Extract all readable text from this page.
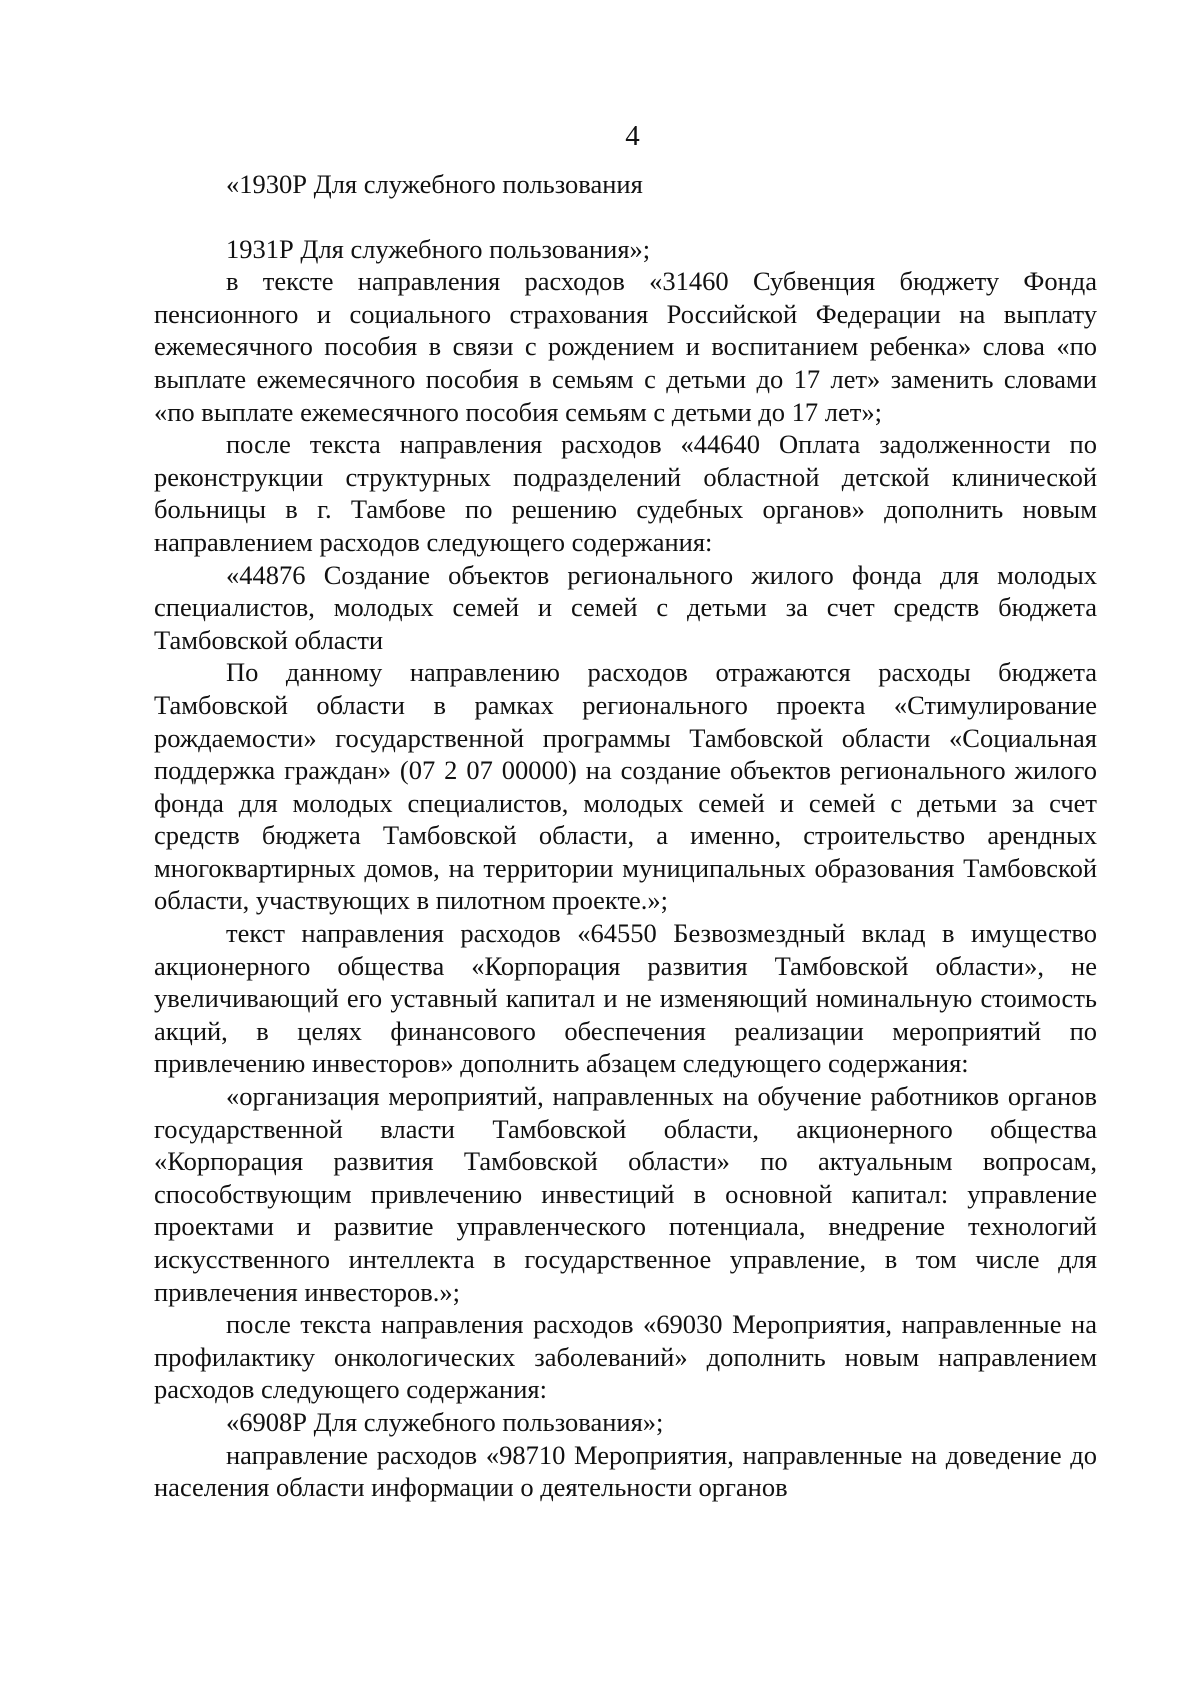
4

«1930Р Для служебного пользования

1931Р Для служебного пользования»;

в тексте направления расходов «31460 Субвенция бюджету Фонда пенсионного и социального страхования Российской Федерации на выплату ежемесячного пособия в связи с рождением и воспитанием ребенка» слова «по выплате ежемесячного пособия в семьям с детьми до 17 лет» заменить словами «по выплате ежемесячного пособия семьям с детьми до 17 лет»;

после текста направления расходов «44640 Оплата задолженности по реконструкции структурных подразделений областной детской клинической больницы в г. Тамбове по решению судебных органов» дополнить новым направлением расходов следующего содержания:

«44876 Создание объектов регионального жилого фонда для молодых специалистов, молодых семей и семей с детьми за счет средств бюджета Тамбовской области

По данному направлению расходов отражаются расходы бюджета Тамбовской области в рамках регионального проекта «Стимулирование рождаемости» государственной программы Тамбовской области «Социальная поддержка граждан» (07 2 07 00000) на создание объектов регионального жилого фонда для молодых специалистов, молодых семей и семей с детьми за счет средств бюджета Тамбовской области, а именно, строительство арендных многоквартирных домов, на территории муниципальных образования Тамбовской области, участвующих в пилотном проекте.»;

текст направления расходов «64550 Безвозмездный вклад в имущество акционерного общества «Корпорация развития Тамбовской области», не увеличивающий его уставный капитал и не изменяющий номинальную стоимость акций, в целях финансового обеспечения реализации мероприятий по привлечению инвесторов» дополнить абзацем следующего содержания:

«организация мероприятий, направленных на обучение работников органов государственной власти Тамбовской области, акционерного общества «Корпорация развития Тамбовской области» по актуальным вопросам, способствующим привлечению инвестиций в основной капитал: управление проектами и развитие управленческого потенциала, внедрение технологий искусственного интеллекта в государственное управление, в том числе для привлечения инвесторов.»;

после текста направления расходов «69030 Мероприятия, направленные на профилактику онкологических заболеваний» дополнить новым направлением расходов следующего содержания:

«6908Р Для служебного пользования»;

направление расходов «98710 Мероприятия, направленные на доведение до населения области информации о деятельности органов
